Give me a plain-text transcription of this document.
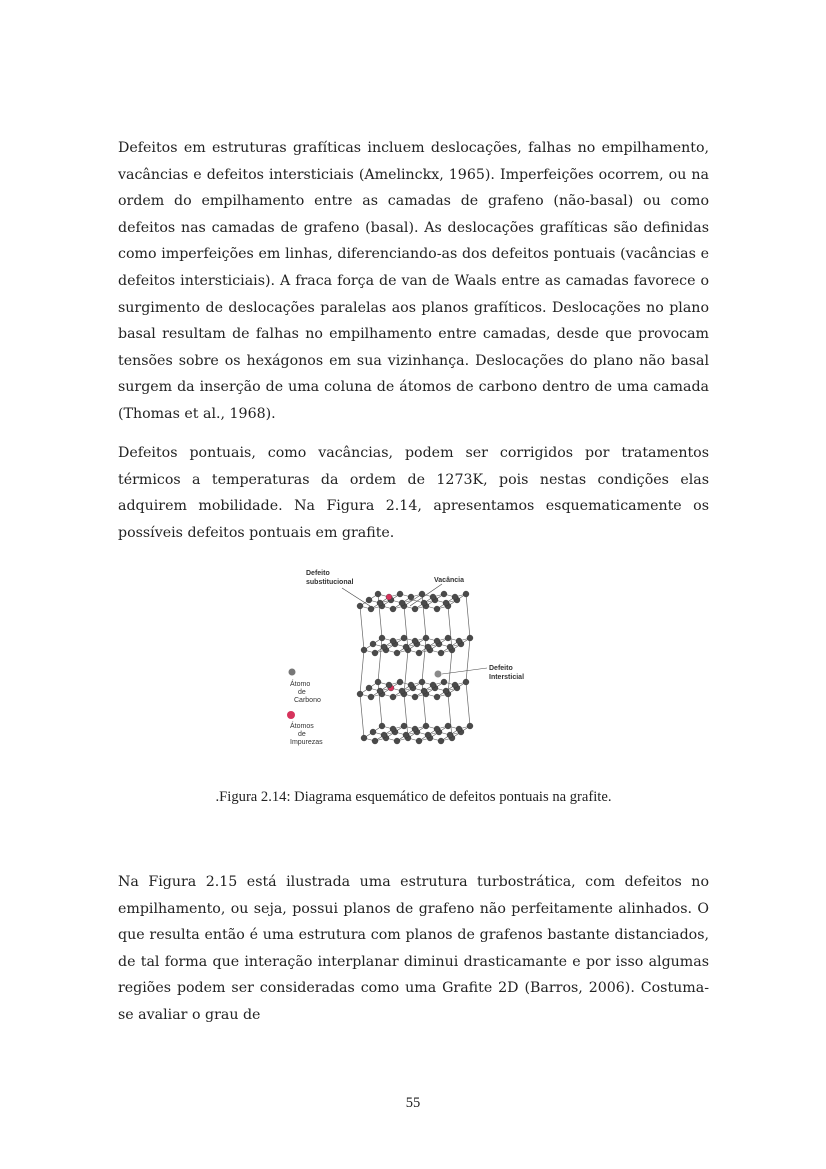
Defeitos em estruturas grafíticas incluem deslocações, falhas no empilhamento, vacâncias e defeitos intersticiais (Amelinckx, 1965). Imperfeições ocorrem, ou na ordem do empilhamento entre as camadas de grafeno (não-basal) ou como defeitos nas camadas de grafeno (basal). As deslocações grafíticas são definidas como imperfeições em linhas, diferenciando-as dos defeitos pontuais (vacâncias e defeitos intersticiais). A fraca força de van de Waals entre as camadas favorece o surgimento de deslocações paralelas aos planos grafíticos. Deslocações no plano basal resultam de falhas no empilhamento entre camadas, desde que provocam tensões sobre os hexágonos em sua vizinhança. Deslocações do plano não basal surgem da inserção de uma coluna de átomos de carbono dentro de uma camada (Thomas et al., 1968).

Defeitos pontuais, como vacâncias, podem ser corrigidos por tratamentos térmicos a temperaturas da ordem de 1273K, pois nestas condições elas adquirem mobilidade. Na Figura 2.14, apresentamos esquematicamente os possíveis defeitos pontuais em grafite.

Defeito
substitucional	Vacância
Defeito
Intersticial
Átomo
de
Carbono
Átomos
de
Impurezas

.Figura 2.14: Diagrama esquemático de defeitos pontuais na grafite.

Na Figura 2.15 está ilustrada uma estrutura turbostrática, com defeitos no empilhamento, ou seja, possui planos de grafeno não perfeitamente alinhados. O que resulta então é uma estrutura com planos de grafenos bastante distanciados, de tal forma que interação interplanar diminui drasticamante e por isso algumas regiões podem ser consideradas como uma Grafite 2D (Barros, 2006). Costuma-se avaliar o grau de

55
